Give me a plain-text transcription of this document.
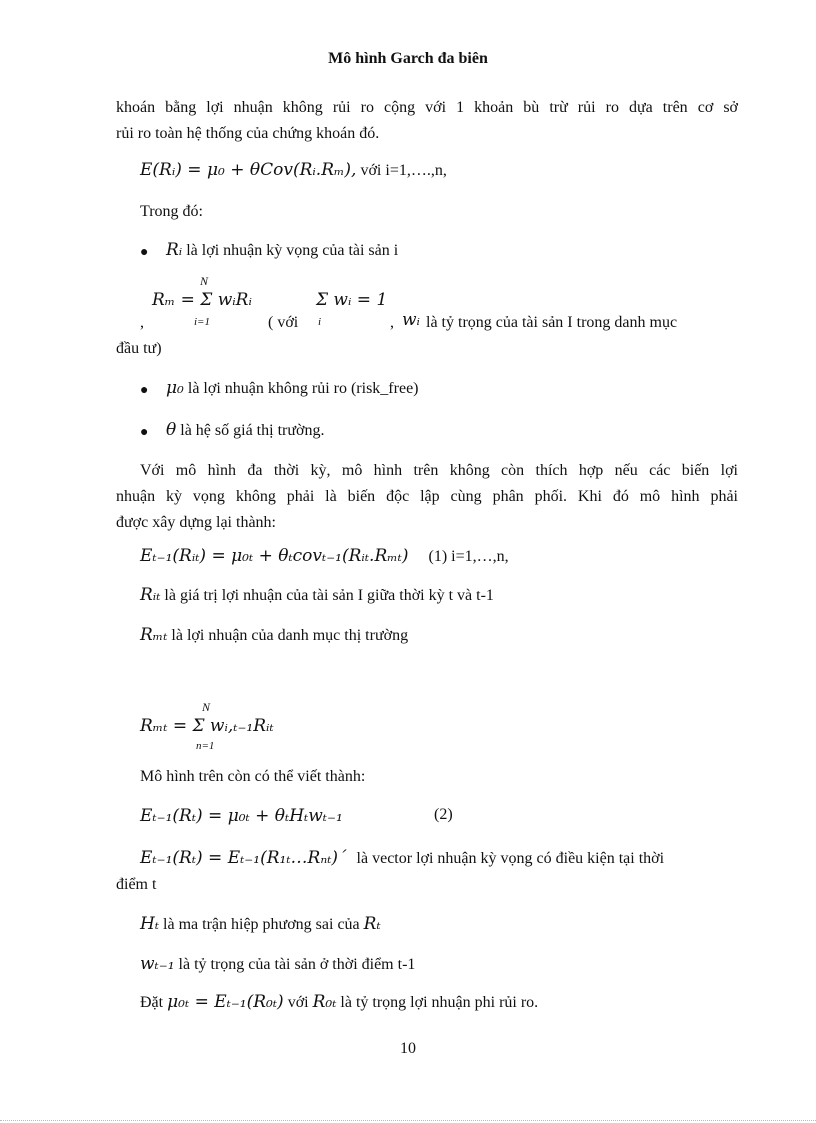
Mô hình Garch đa biên
khoán bằng lợi nhuận không rủi ro cộng với 1 khoản bù trừ rủi ro dựa trên cơ sở
rủi ro toàn hệ thống của chứng khoán đó.
E(Rᵢ) = μ₀ + θCov(Rᵢ.Rₘ), với i=1,….,n,
Trong đó:
● Rᵢ là lợi nhuận kỳ vọng của tài sản i
,
Rₘ = Σ wᵢRᵢ
N
i=1	( với
Σ wᵢ = 1
i	, wᵢ là tỷ trọng của tài sản I trong danh mục
đầu tư)
● μ₀ là lợi nhuận không rủi ro (risk_free)
● θ là hệ số giá thị trường.
Với mô hình đa thời kỳ, mô hình trên không còn thích hợp nếu các biến lợi
nhuận kỳ vọng không phải là biến độc lập cùng phân phối. Khi đó mô hình phải
được xây dựng lại thành:
Eₜ₋₁(Rᵢₜ) = μ₀ₜ + θₜcovₜ₋₁(Rᵢₜ.Rₘₜ) (1) i=1,…,n,
Rᵢₜ là giá trị lợi nhuận của tài sản I giữa thời kỳ t và t-1
Rₘₜ là lợi nhuận của danh mục thị trường
Rₘₜ = Σ wᵢ,ₜ₋₁Rᵢₜ
N
n=1
Mô hình trên còn có thể viết thành:
Eₜ₋₁(Rₜ) = μ₀ₜ + θₜHₜwₜ₋₁	(2)
Eₜ₋₁(Rₜ) = Eₜ₋₁(R₁ₜ…Rₙₜ)´ là vector lợi nhuận kỳ vọng có điều kiện tại thời
điểm t
Hₜ là ma trận hiệp phương sai của Rₜ
wₜ₋₁ là tỷ trọng của tài sản ở thời điểm t-1
Đặt μ₀ₜ = Eₜ₋₁(R₀ₜ) với R₀ₜ là tỷ trọng lợi nhuận phi rủi ro.
10
